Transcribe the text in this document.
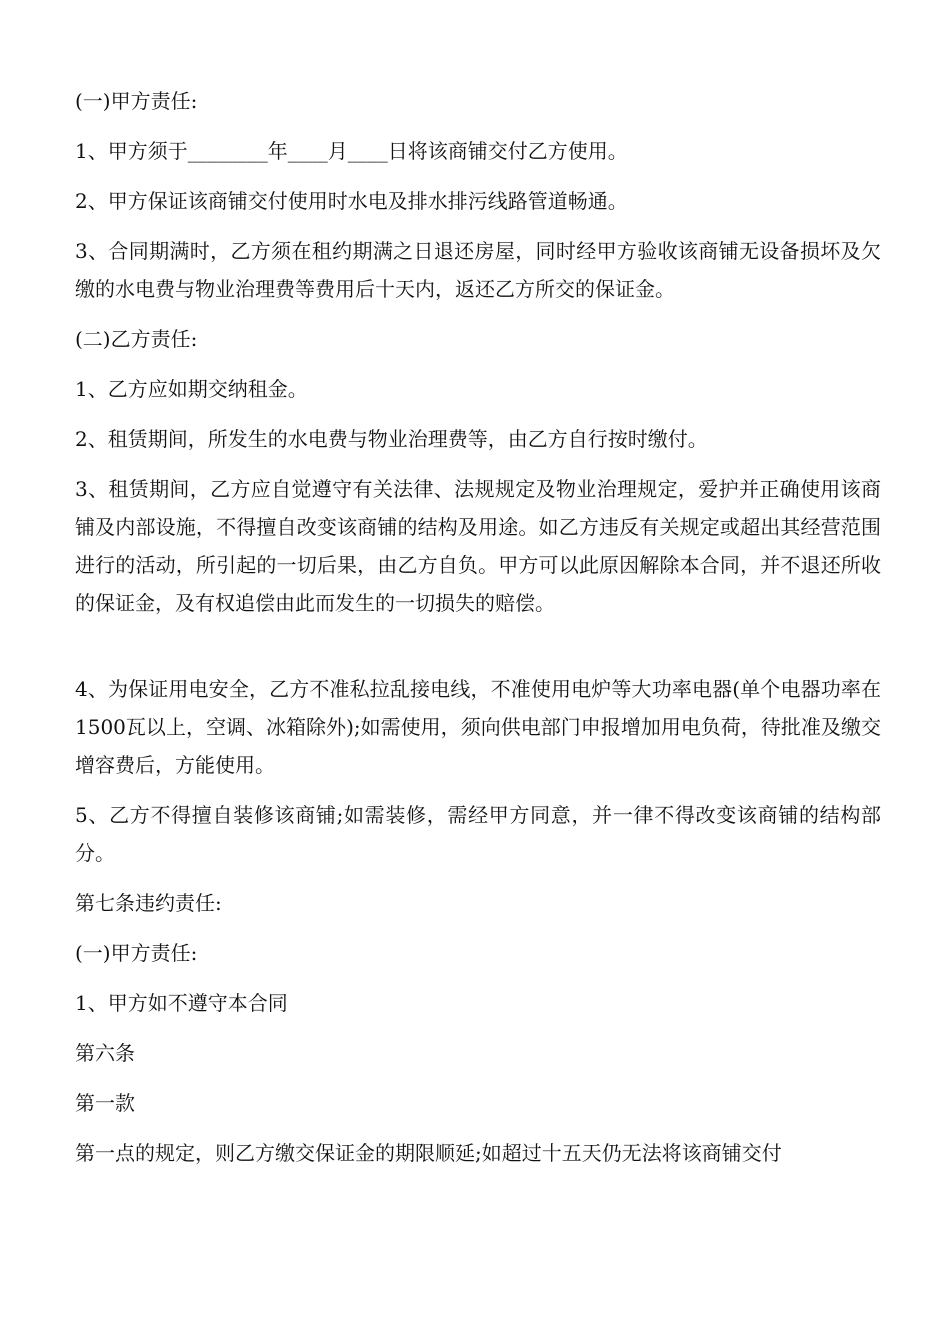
(一)甲方责任:

1、甲方须于________年____月____日将该商铺交付乙方使用。

2、甲方保证该商铺交付使用时水电及排水排污线路管道畅通。

3、合同期满时，乙方须在租约期满之日退还房屋，同时经甲方验收该商铺无设备损坏及欠缴的水电费与物业治理费等费用后十天内，返还乙方所交的保证金。

(二)乙方责任:

1、乙方应如期交纳租金。

2、租赁期间，所发生的水电费与物业治理费等，由乙方自行按时缴付。

3、租赁期间，乙方应自觉遵守有关法律、法规规定及物业治理规定，爱护并正确使用该商铺及内部设施，不得擅自改变该商铺的结构及用途。如乙方违反有关规定或超出其经营范围进行的活动，所引起的一切后果，由乙方自负。甲方可以此原因解除本合同，并不退还所收的保证金，及有权追偿由此而发生的一切损失的赔偿。

4、为保证用电安全，乙方不准私拉乱接电线，不准使用电炉等大功率电器(单个电器功率在1500瓦以上，空调、冰箱除外);如需使用，须向供电部门申报增加用电负荷，待批准及缴交增容费后，方能使用。

5、乙方不得擅自装修该商铺;如需装修，需经甲方同意，并一律不得改变该商铺的结构部分。

第七条违约责任:

(一)甲方责任:

1、甲方如不遵守本合同

第六条

第一款

第一点的规定，则乙方缴交保证金的期限顺延;如超过十五天仍无法将该商铺交付
